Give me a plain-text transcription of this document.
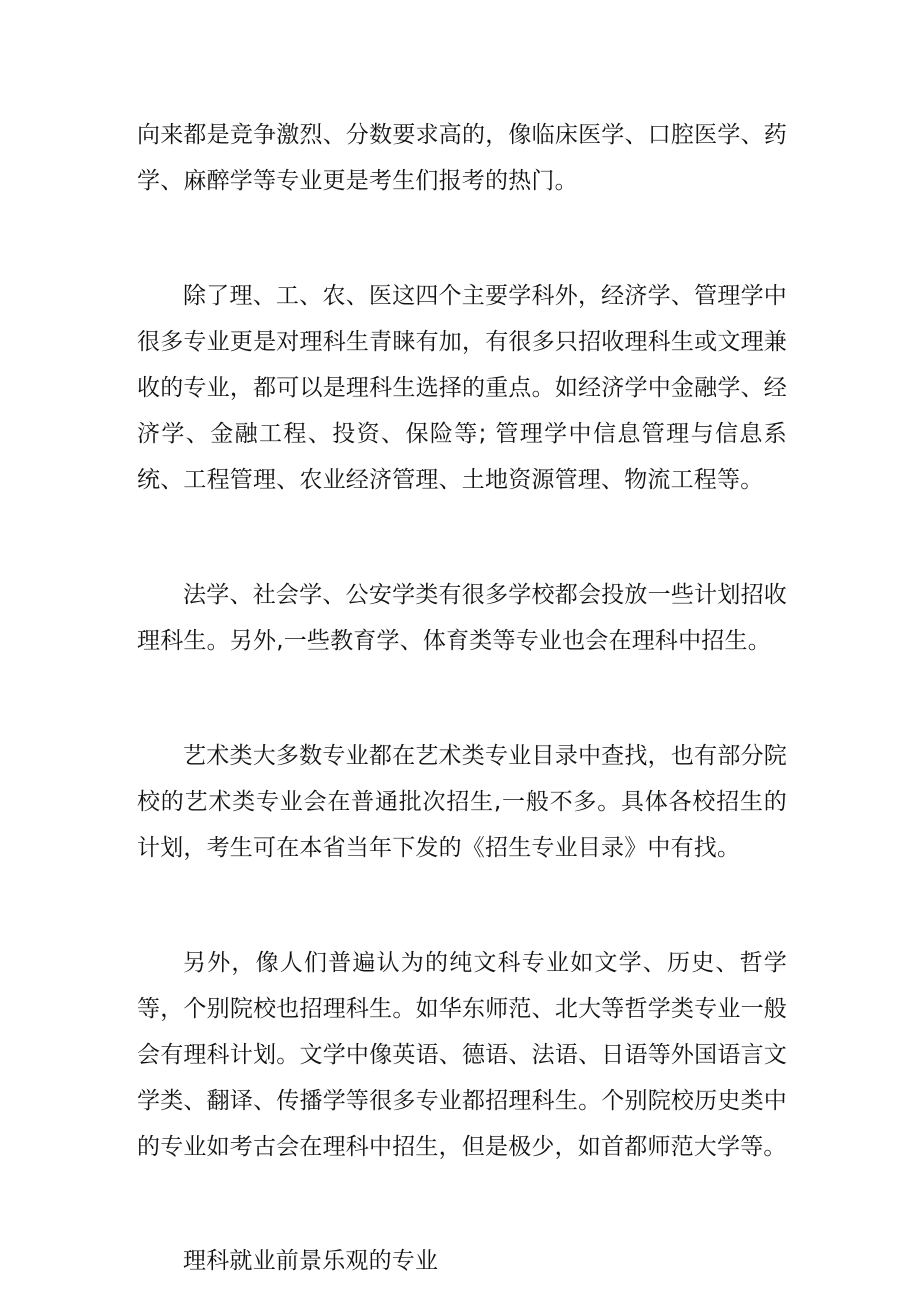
向来都是竞争激烈、分数要求高的，像临床医学、口腔医学、药学、麻醉学等专业更是考生们报考的热门。

除了理、工、农、医这四个主要学科外，经济学、管理学中很多专业更是对理科生青睐有加，有很多只招收理科生或文理兼收的专业，都可以是理科生选择的重点。如经济学中金融学、经济学、金融工程、投资、保险等; 管理学中信息管理与信息系统、工程管理、农业经济管理、土地资源管理、物流工程等。

法学、社会学、公安学类有很多学校都会投放一些计划招收理科生。另外,一些教育学、体育类等专业也会在理科中招生。

艺术类大多数专业都在艺术类专业目录中查找，也有部分院校的艺术类专业会在普通批次招生,一般不多。具体各校招生的计划，考生可在本省当年下发的《招生专业目录》中有找。

另外，像人们普遍认为的纯文科专业如文学、历史、哲学等，个别院校也招理科生。如华东师范、北大等哲学类专业一般会有理科计划。文学中像英语、德语、法语、日语等外国语言文学类、翻译、传播学等很多专业都招理科生。个别院校历史类中的专业如考古会在理科中招生，但是极少，如首都师范大学等。

理科就业前景乐观的专业
